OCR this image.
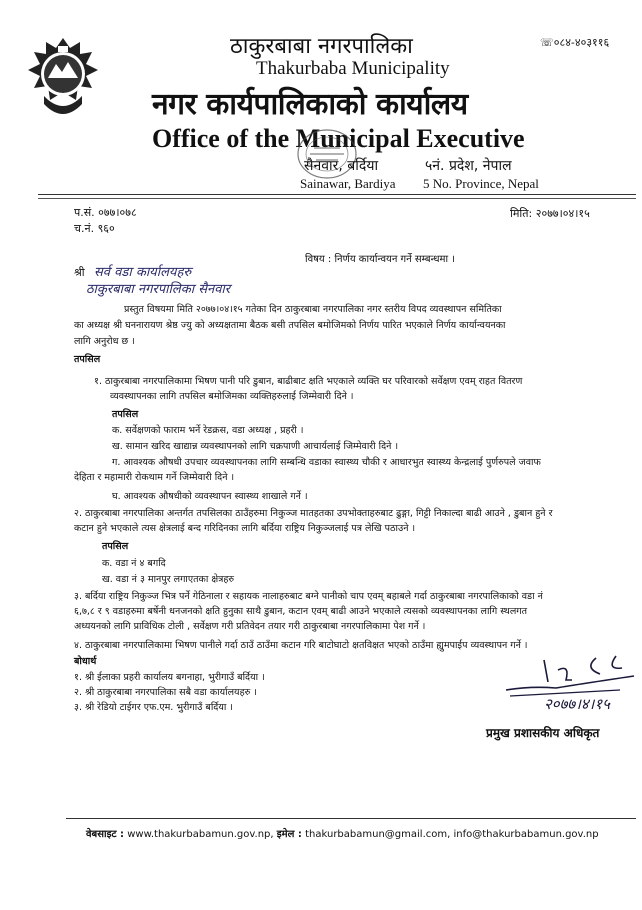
☏०८४-४०३११६
ठाकुरबाबा नगरपालिका
Thakurbaba Municipality
नगर कार्यपालिकाको कार्यालय
Office of the Municipal Executive
सैनवार, बर्दिया	५नं. प्रदेश, नेपाल
Sainawar, Bardiya 5 No. Province, Nepal
प.सं. ०७७।०७८
च.नं. ९६०
मिति: २०७७।०४।१५
विषय : निर्णय कार्यान्वयन गर्ने सम्बन्धमा ।
श्री सर्व वडा कार्यालयहरु
ठाकुरबाबा नगरपालिका सैनवार
प्रस्तुत विषयमा मिति २०७७।०४।१५ गतेका दिन ठाकुरबाबा नगरपालिका नगर स्तरीय विपद व्यवस्थापन समितिका
का अध्यक्ष श्री घननारायण श्रेष्ठ ज्यु को अध्यक्षतामा बैठक बसी तपसिल बमोजिमको निर्णय पारित भएकाले निर्णय कार्यान्वयनका
लागि अनुरोध छ ।
तपसिल
१. ठाकुरबाबा नगरपालिकामा भिषण पानी परि डुबान, बाढीबाट क्षति भएकाले व्यक्ति घर परिवारको सर्वेक्षण एवम् राहत वितरण
व्यवस्थापनका लागि तपसिल बमोजिमका व्यक्तिहरुलाई जिम्मेवारी दिने ।
तपसिल
क. सर्वेक्षणको फाराम भर्ने रेडक्रस, वडा अध्यक्ष , प्रहरी ।
ख. सामान खरिद खाद्यान्न व्यवस्थापनको लागि चक्रपाणी आचार्यलाई जिम्मेवारी दिने ।
ग. आवश्यक औषधी उपचार व्यवस्थापनका लागि सम्बन्धि वडाका स्वास्थ्य चौकी र आधारभुत स्वास्थ्य केन्द्रलाई पुर्णरुपले जवाफ
देहिता र महामारी रोकथाम गर्ने जिम्मेवारी दिने ।
घ. आवश्यक औषधीको व्यवस्थापन स्वास्थ्य शाखाले गर्ने ।
२. ठाकुरबाबा नगरपालिका अन्तर्गत तपसिलका ठाउँहरुमा निकुञ्ज मातहतका उपभोक्ताहरुबाट ढुङ्गा, गिट्टी निकाल्दा बाढी आउने , डुबान हुने र
कटान हुने भएकाले त्यस क्षेत्रलाई बन्द गरिदिनका लागि बर्दिया राष्ट्रिय निकुञ्जलाई पत्र लेखि पठाउने ।
तपसिल
क. वडा नं ४ बगदि
ख. वडा नं ३ मानपुर लगाएतका क्षेत्रहरु
३. बर्दिया राष्ट्रिय निकुञ्ज भित्र पर्ने गेठिनाला र सहायक नालाहरुबाट बग्ने पानीको चाप एवम् बहाबले गर्दा ठाकुरबाबा नगरपालिकाको वडा नं
६,७,८ र ९ वडाहरुमा बर्षेनी धनजनको क्षति हुनुका साथै डुबान, कटान एवम् बाढी आउने भएकाले त्यसको व्यवस्थापनका लागि स्थलगत
अध्ययनको लागि प्राविधिक टोली , सर्वेक्षण गरी प्रतिवेदन तयार गरी ठाकुरबाबा नगरपालिकामा पेश गर्ने ।
४. ठाकुरबाबा नगरपालिकामा भिषण पानीले गर्दा ठाउँ ठाउँमा कटान गरि बाटोघाटो क्षतविक्षत भएको ठाउँमा ह्युमपाईप व्यवस्थापन गर्ने ।
बोधार्थ
१. श्री ईलाका प्रहरी कार्यालय बगनाहा, भुरीगाउँ बर्दिया ।
२. श्री ठाकुरबाबा नगरपालिका सबै वडा कार्यालयहरु ।
३. श्री रेडियो टाईगर एफ.एम. भुरीगाउँ बर्दिया ।	२०७७।४।१५
प्रमुख प्रशासकीय अधिकृत
वेबसाइट : www.thakurbabamun.gov.np, इमेल : thakurbabamun@gmail.com, info@thakurbabamun.gov.np
